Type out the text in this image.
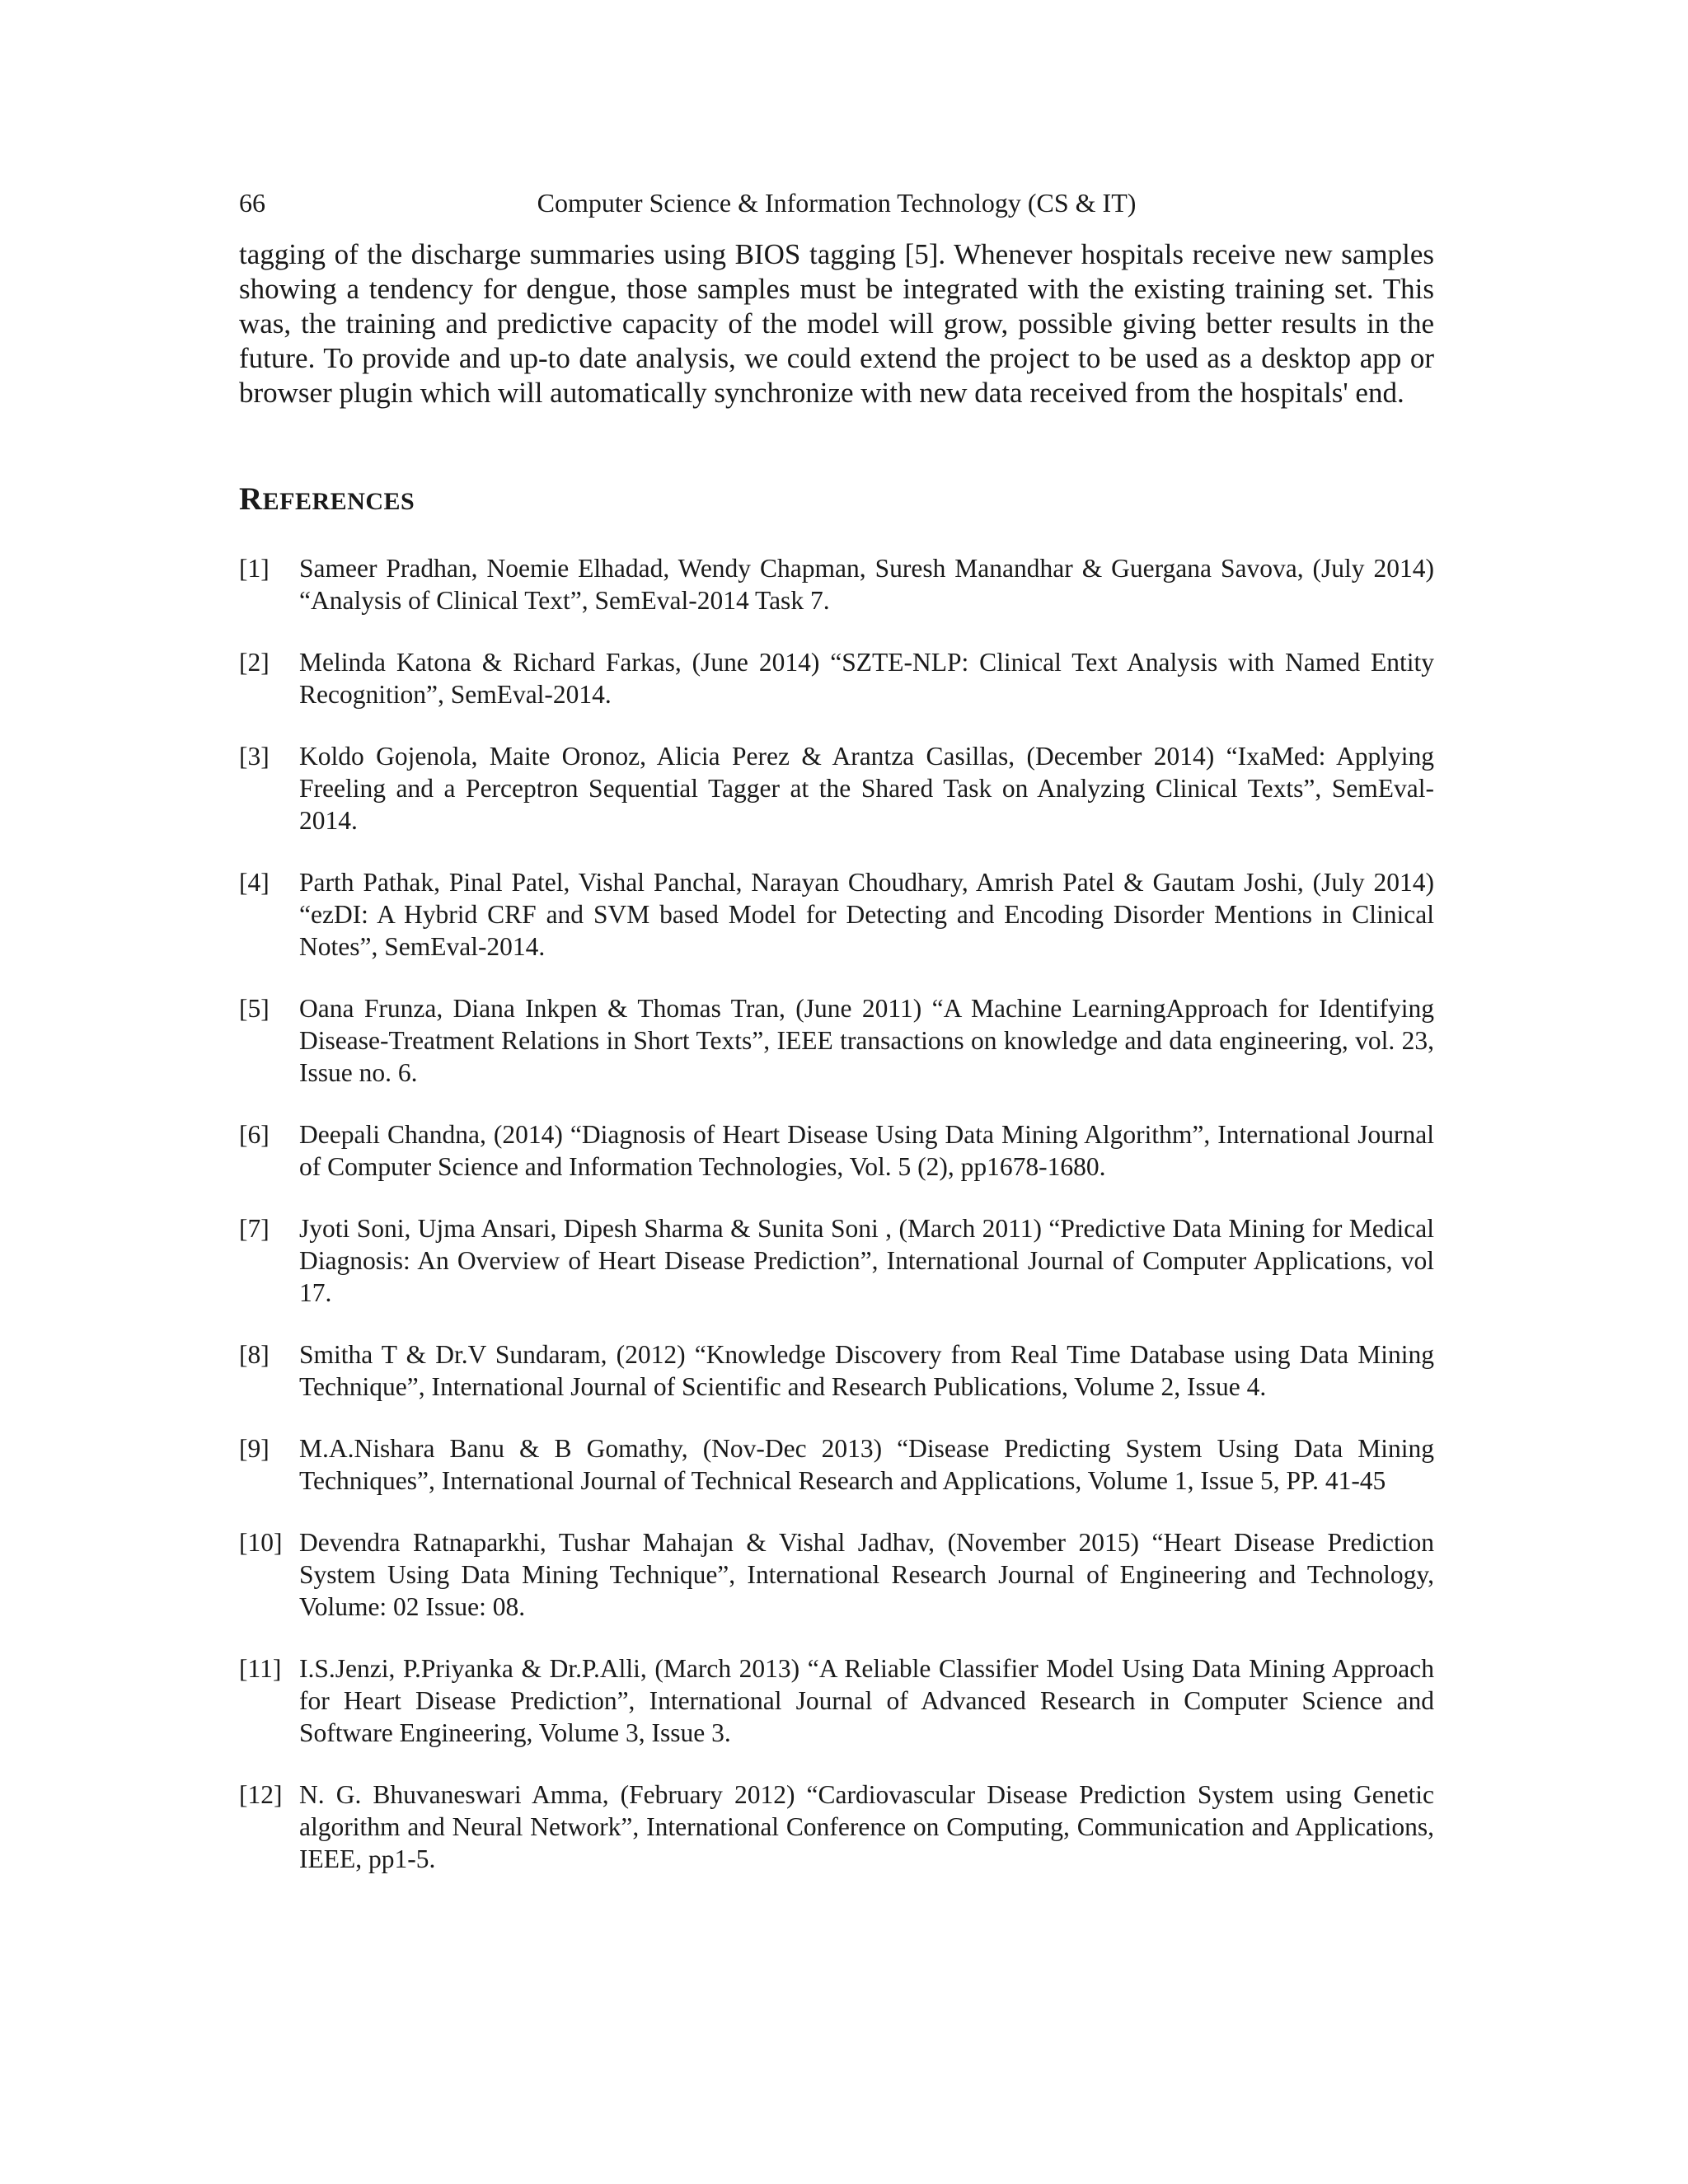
66	Computer Science & Information Technology (CS & IT)

tagging of the discharge summaries using BIOS tagging [5]. Whenever hospitals receive new samples showing a tendency for dengue, those samples must be integrated with the existing training set. This was, the training and predictive capacity of the model will grow, possible giving better results in the future. To provide and up-to date analysis, we could extend the project to be used as a desktop app or browser plugin which will automatically synchronize with new data received from the hospitals' end.

REFERENCES
[1] Sameer Pradhan, Noemie Elhadad, Wendy Chapman, Suresh Manandhar & Guergana Savova, (July 2014) “Analysis of Clinical Text”, SemEval-2014 Task 7.
[2] Melinda Katona & Richard Farkas, (June 2014) “SZTE-NLP: Clinical Text Analysis with Named Entity Recognition”, SemEval-2014.
[3] Koldo Gojenola, Maite Oronoz, Alicia Perez & Arantza Casillas, (December 2014) “IxaMed: Applying Freeling and a Perceptron Sequential Tagger at the Shared Task on Analyzing Clinical Texts”, SemEval-2014.
[4] Parth Pathak, Pinal Patel, Vishal Panchal, Narayan Choudhary, Amrish Patel & Gautam Joshi, (July 2014) “ezDI: A Hybrid CRF and SVM based Model for Detecting and Encoding Disorder Mentions in Clinical Notes”, SemEval-2014.
[5] Oana Frunza, Diana Inkpen & Thomas Tran, (June 2011) “A Machine LearningApproach for Identifying Disease-Treatment Relations in Short Texts”, IEEE transactions on knowledge and data engineering, vol. 23, Issue no. 6.
[6] Deepali Chandna, (2014) “Diagnosis of Heart Disease Using Data Mining Algorithm”, International Journal of Computer Science and Information Technologies, Vol. 5 (2), pp1678-1680.
[7] Jyoti Soni, Ujma Ansari, Dipesh Sharma & Sunita Soni , (March 2011) “Predictive Data Mining for Medical Diagnosis: An Overview of Heart Disease Prediction”, International Journal of Computer Applications, vol 17.
[8] Smitha T & Dr.V Sundaram, (2012) “Knowledge Discovery from Real Time Database using Data Mining Technique”, International Journal of Scientific and Research Publications, Volume 2, Issue 4.
[9] M.A.Nishara Banu & B Gomathy, (Nov-Dec 2013) “Disease Predicting System Using Data Mining Techniques”, International Journal of Technical Research and Applications, Volume 1, Issue 5, PP. 41-45
[10] Devendra Ratnaparkhi, Tushar Mahajan & Vishal Jadhav, (November 2015) “Heart Disease Prediction System Using Data Mining Technique”, International Research Journal of Engineering and Technology, Volume: 02 Issue: 08.
[11] I.S.Jenzi, P.Priyanka & Dr.P.Alli, (March 2013) “A Reliable Classifier Model Using Data Mining Approach for Heart Disease Prediction”, International Journal of Advanced Research in Computer Science and Software Engineering, Volume 3, Issue 3.
[12] N. G. Bhuvaneswari Amma, (February 2012) “Cardiovascular Disease Prediction System using Genetic algorithm and Neural Network”, International Conference on Computing, Communication and Applications, IEEE, pp1-5.
